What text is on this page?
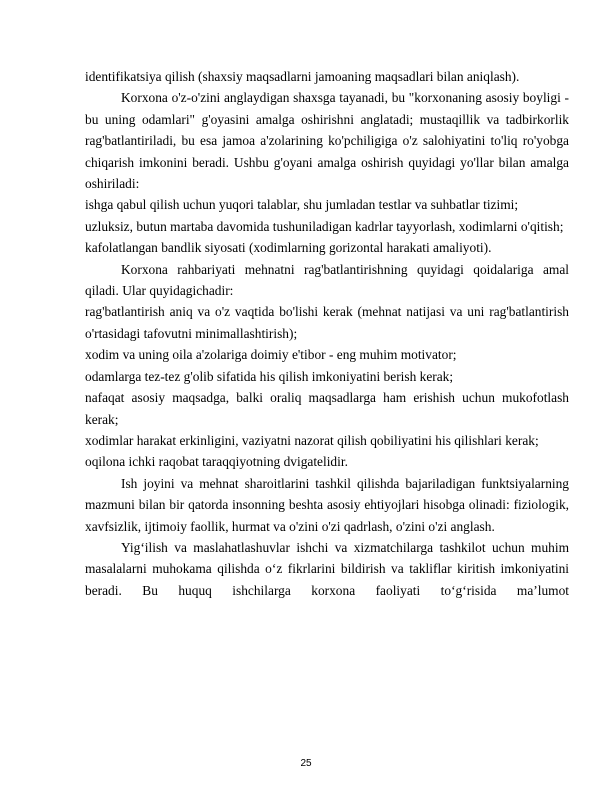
identifikatsiya qilish (shaxsiy maqsadlarni jamoaning maqsadlari bilan aniqlash).

Korxona o'z-o'zini anglaydigan shaxsga tayanadi, bu "korxonaning asosiy boyligi - bu uning odamlari" g'oyasini amalga oshirishni anglatadi; mustaqillik va tadbirkorlik rag'batlantiriladi, bu esa jamoa a'zolarining ko'pchiligiga o'z salohiyatini to'liq ro'yobga chiqarish imkonini beradi. Ushbu g'oyani amalga oshirish quyidagi yo'llar bilan amalga oshiriladi:

ishga qabul qilish uchun yuqori talablar, shu jumladan testlar va suhbatlar tizimi;

uzluksiz, butun martaba davomida tushuniladigan kadrlar tayyorlash, xodimlarni o'qitish;

kafolatlangan bandlik siyosati (xodimlarning gorizontal harakati amaliyoti).

Korxona rahbariyati mehnatni rag'batlantirishning quyidagi qoidalariga amal qiladi. Ular quyidagichadir:

rag'batlantirish aniq va o'z vaqtida bo'lishi kerak (mehnat natijasi va uni rag'batlantirish o'rtasidagi tafovutni minimallashtirish);

xodim va uning oila a'zolariga doimiy e'tibor - eng muhim motivator;

odamlarga tez-tez g'olib sifatida his qilish imkoniyatini berish kerak;

nafaqat asosiy maqsadga, balki oraliq maqsadlarga ham erishish uchun mukofotlash kerak;

xodimlar harakat erkinligini, vaziyatni nazorat qilish qobiliyatini his qilishlari kerak;

oqilona ichki raqobat taraqqiyotning dvigatelidir.

Ish joyini va mehnat sharoitlarini tashkil qilishda bajariladigan funktsiyalarning mazmuni bilan bir qatorda insonning beshta asosiy ehtiyojlari hisobga olinadi: fiziologik, xavfsizlik, ijtimoiy faollik, hurmat va o'zini o'zi qadrlash, o'zini o'zi anglash.

Yig‘ilish va maslahatlashuvlar ishchi va xizmatchilarga tashkilot uchun muhim masalalarni muhokama qilishda o‘z fikrlarini bildirish va takliflar kiritish imkoniyatini beradi. Bu huquq ishchilarga korxona faoliyati to‘g‘risida ma’lumot

25
